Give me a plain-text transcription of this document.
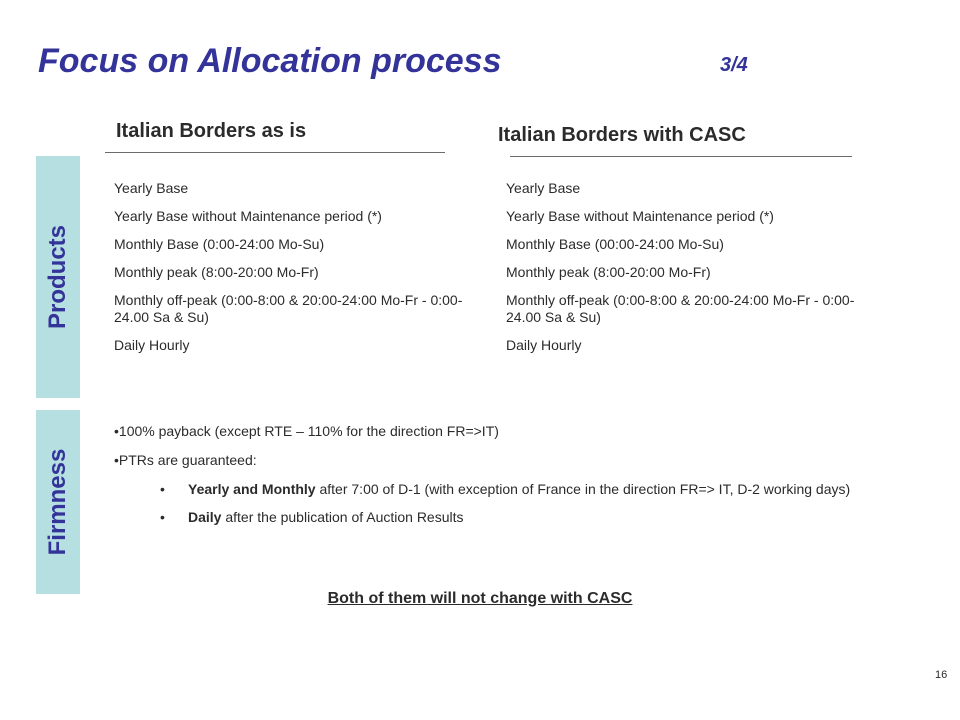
Focus on Allocation process	3/4
Italian Borders as is	Italian Borders with CASC
Products
Yearly Base
Yearly Base without Maintenance period (*)
Monthly Base (0:00-24:00 Mo-Su)
Monthly peak (8:00-20:00 Mo-Fr)
Monthly off-peak (0:00-8:00 & 20:00-24:00 Mo-Fr - 0:00-24.00 Sa & Su)
Daily Hourly
Yearly Base
Yearly Base without Maintenance period (*)
Monthly Base (00:00-24:00 Mo-Su)
Monthly peak (8:00-20:00 Mo-Fr)
Monthly off-peak (0:00-8:00 & 20:00-24:00 Mo-Fr - 0:00-24.00 Sa & Su)
Daily Hourly
Firmness

•100% payback (except RTE – 110% for the direction FR=>IT)

•PTRs are guaranteed:

• Yearly and Monthly after 7:00 of D-1 (with exception of France in the direction FR=> IT, D-2 working days)

• Daily after the publication of Auction Results

Both of them will not change with CASC
16
